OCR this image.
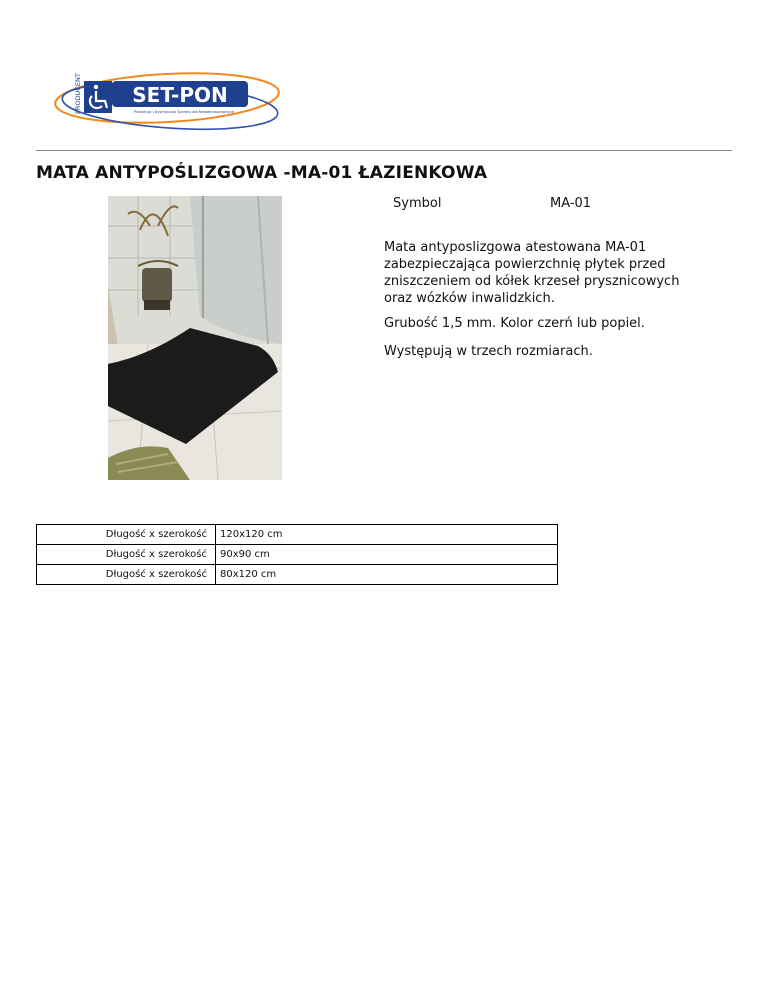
PRODUCENT	SET-PON
Produkcja i Dystrybucja Sprzętu dla Niepełnosprawnych
MATA ANTYPOŚLIZGOWA -MA-01 ŁAZIENKOWA
Symbol	MA-01

Mata antyposlizgowa atestowana MA-01 zabezpieczająca powierzchnię płytek przed zniszczeniem od kółek krzeseł prysznicowych oraz wózków inwalidzkich.

Grubość 1,5 mm. Kolor czerń lub popiel.

Występują w trzech rozmiarach.

Długość x szerokość	120x120 cm
Długość x szerokość	90x90 cm
Długość x szerokość	80x120 cm
